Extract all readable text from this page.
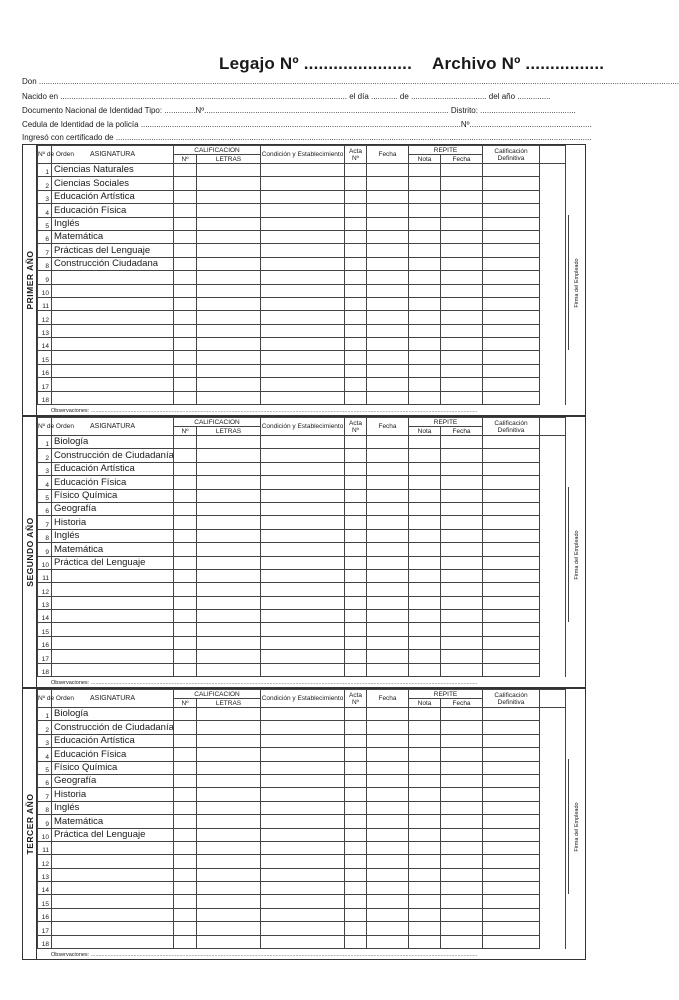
Legajo Nº ...................... Archivo Nº ................
Don ................................................................................................................................................................................................................................................................................................
Nacido en ................................................................................................................................. el día ............ de .................................. del año ...............
Documento Nacional de Identidad Tipo: ..............Nº.............................................................................................................. Distrito: ...........................................
Cedula de Identidad de la policía ................................................................................................................................................Nº.......................................................
Ingresó con certificado de ......................................................................................................................................................................................................................
PRIMER AÑO
Nº de Orden	ASIGNATURA	CALIFICACION		Condición y Establecimiento	Acta Nº	Fecha	REPITE		Calificación Definitiva	
		Nº	LETRAS				Nota	Fecha		
1	Ciencias Naturales									
2	Ciencias Sociales									
3	Educación Artística									
4	Educación Física									
5	Inglés									
6	Matemática									
7	Prácticas del Lenguaje									
8	Construcción Ciudadana									
9										
10										
11										
12										
13										
14										
15										
16										
17										
18										
Observaciones: .............................................................................................................................................................................................................................................................
Firma del Empleado
SEGUNDO AÑO
Nº de Orden	ASIGNATURA	CALIFICACION		Condición y Establecimiento	Acta Nº	Fecha	REPITE		Calificación Definitiva	
		Nº	LETRAS				Nota	Fecha		
1	Biología									
2	Construcción de Ciudadanía									
3	Educación Artística									
4	Educación Física									
5	Físico Química									
6	Geografía									
7	Historia									
8	Inglés									
9	Matemática									
10	Práctica del Lenguaje									
11										
12										
13										
14										
15										
16										
17										
18										
Observaciones: .............................................................................................................................................................................................................................................................
Firma del Empleado
TERCER AÑO
Nº de Orden	ASIGNATURA	CALIFICACION		Condición y Establecimiento	Acta Nº	Fecha	REPITE		Calificación Definitiva	
		Nº	LETRAS				Nota	Fecha		
1	Biología									
2	Construcción de Ciudadanía									
3	Educación Artística									
4	Educación Física									
5	Físico Química									
6	Geografía									
7	Historia									
8	Inglés									
9	Matemática									
10	Práctica del Lenguaje									
11										
12										
13										
14										
15										
16										
17										
18										
Observaciones: .............................................................................................................................................................................................................................................................
Firma del Empleado
